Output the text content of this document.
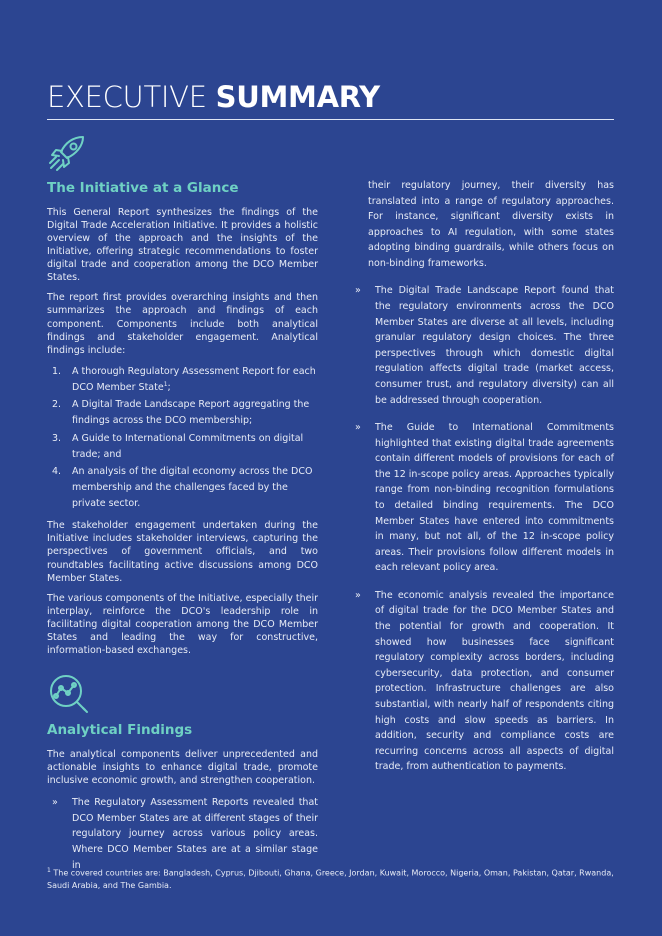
EXECUTIVE SUMMARY
The Initiative at a Glance

This General Report synthesizes the findings of the Digital Trade Acceleration Initiative. It provides a holistic overview of the approach and the insights of the Initiative, offering strategic recommendations to foster digital trade and cooperation among the DCO Member States.

The report first provides overarching insights and then summarizes the approach and findings of each component. Components include both analytical findings and stakeholder engagement. Analytical findings include:

1. A thorough Regulatory Assessment Report for each DCO Member State$^1$;
2. A Digital Trade Landscape Report aggregating the findings across the DCO membership;
3. A Guide to International Commitments on digital trade; and
4. An analysis of the digital economy across the DCO membership and the challenges faced by the private sector.

The stakeholder engagement undertaken during the Initiative includes stakeholder interviews, capturing the perspectives of government officials, and two roundtables facilitating active discussions among DCO Member States.

The various components of the Initiative, especially their interplay, reinforce the DCO's leadership role in facilitating digital cooperation among the DCO Member States and leading the way for constructive, information-based exchanges.

Analytical Findings

The analytical components deliver unprecedented and actionable insights to enhance digital trade, promote inclusive economic growth, and strengthen cooperation.

» The Regulatory Assessment Reports revealed that DCO Member States are at different stages of their regulatory journey across various policy areas. Where DCO Member States are at a similar stage in
their regulatory journey, their diversity has translated into a range of regulatory approaches. For instance, significant diversity exists in approaches to AI regulation, with some states adopting binding guardrails, while others focus on non-binding frameworks.
» The Digital Trade Landscape Report found that the regulatory environments across the DCO Member States are diverse at all levels, including granular regulatory design choices. The three perspectives through which domestic digital regulation affects digital trade (market access, consumer trust, and regulatory diversity) can all be addressed through cooperation.
» The Guide to International Commitments highlighted that existing digital trade agreements contain different models of provisions for each of the 12 in-scope policy areas. Approaches typically range from non-binding recognition formulations to detailed binding requirements. The DCO Member States have entered into commitments in many, but not all, of the 12 in-scope policy areas. Their provisions follow different models in each relevant policy area.
» The economic analysis revealed the importance of digital trade for the DCO Member States and the potential for growth and cooperation. It showed how businesses face significant regulatory complexity across borders, including cybersecurity, data protection, and consumer protection. Infrastructure challenges are also substantial, with nearly half of respondents citing high costs and slow speeds as barriers. In addition, security and compliance costs are recurring concerns across all aspects of digital trade, from authentication to payments.
$^1$ The covered countries are: Bangladesh, Cyprus, Djibouti, Ghana, Greece, Jordan, Kuwait, Morocco, Nigeria, Oman, Pakistan, Qatar, Rwanda, Saudi Arabia, and The Gambia.
